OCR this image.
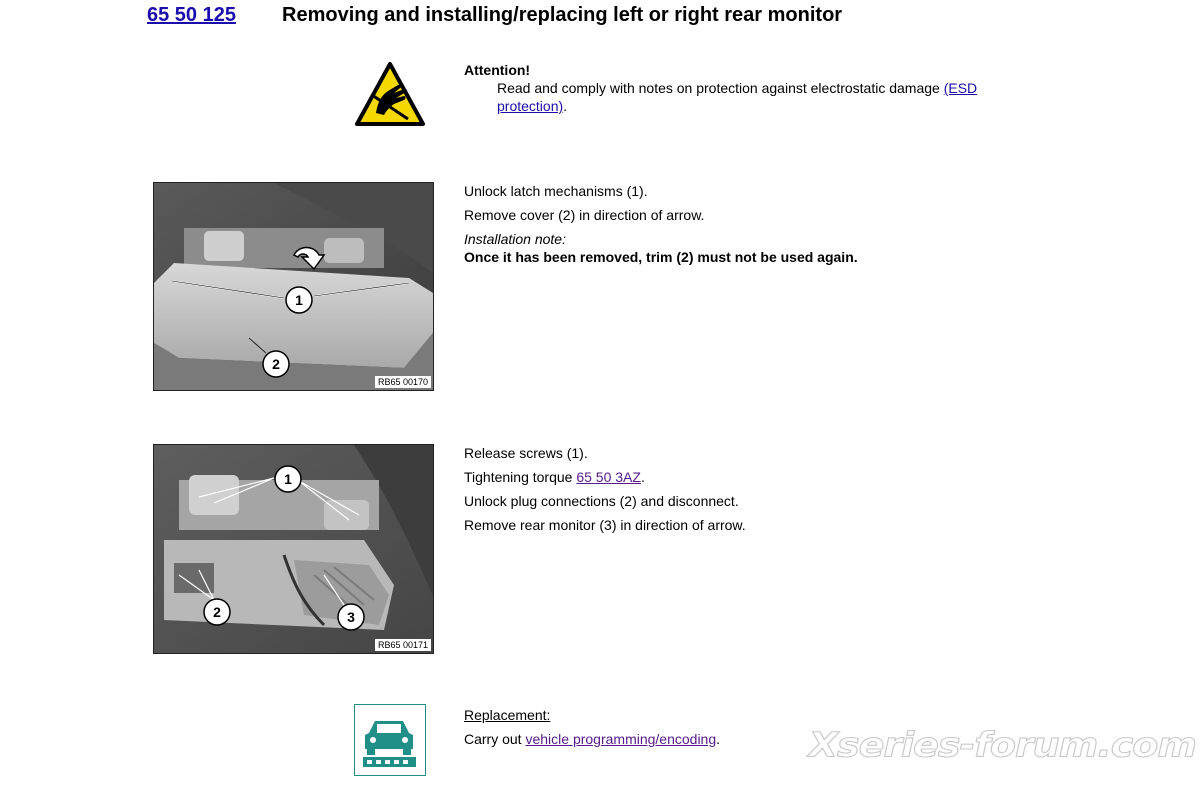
65 50 125 Removing and installing/replacing left or right rear monitor
Attention!
Read and comply with notes on protection against electrostatic damage (ESD
protection).
1
2
RB65 00170
Unlock latch mechanisms (1).
Remove cover (2) in direction of arrow.
Installation note:
Once it has been removed, trim (2) must not be used again.
1
2	3
RB65 00171
Release screws (1).
Tightening torque 65 50 3AZ.
Unlock plug connections (2) and disconnect.
Remove rear monitor (3) in direction of arrow.
Replacement:
Carry out vehicle programming/encoding.	Xseries-forum.com
